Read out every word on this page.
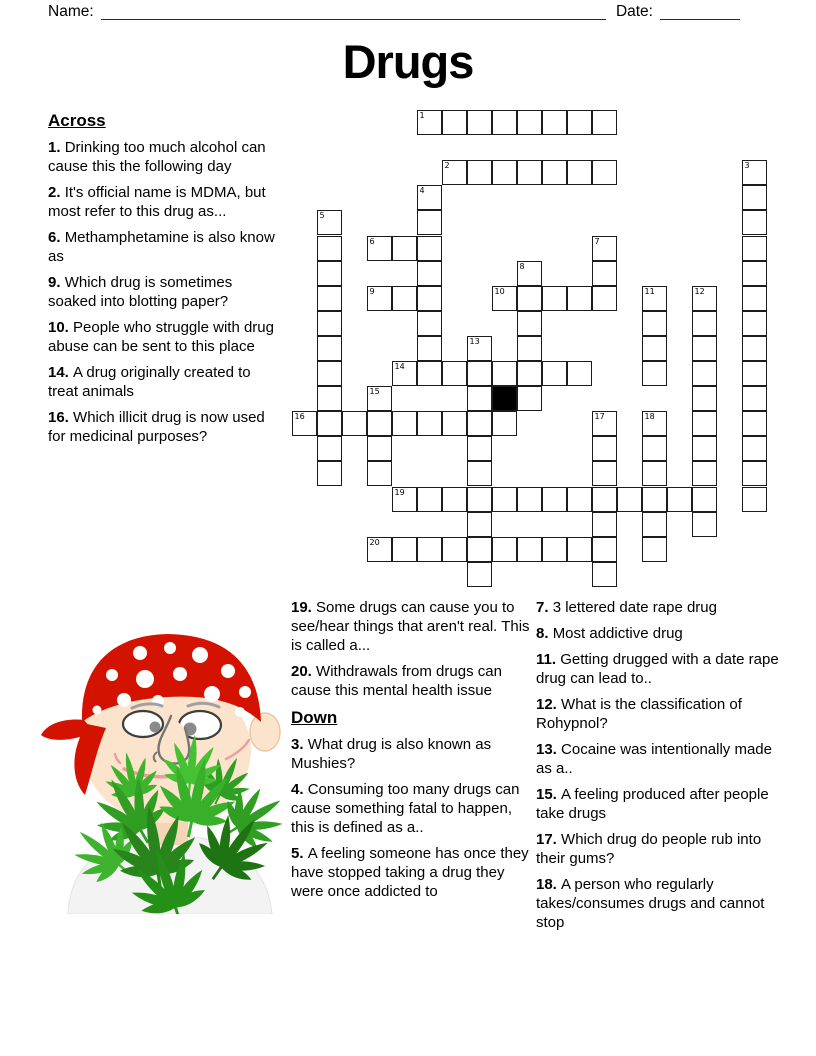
Name:	Date:
Drugs
Across

1. Drinking too much alcohol can cause this the following day

2. It's official name is MDMA, but most refer to this drug as...

6. Methamphetamine is also know as

9. Which drug is sometimes soaked into blotting paper?

10. People who struggle with drug abuse can be sent to this place

14. A drug originally created to treat animals

16. Which illicit drug is now used for medicinal purposes?

1
2
6
9	10
14
16
19
20
3
4
5
7
8
11	12
13
15
17	18

19. Some drugs can cause you to see/hear things that aren't real. This is called a...

20. Withdrawals from drugs can cause this mental health issue

Down

3. What drug is also known as Mushies?

4. Consuming too many drugs can cause something fatal to happen, this is defined as a..

5. A feeling someone has once they have stopped taking a drug they were once addicted to

7. 3 lettered date rape drug

8. Most addictive drug

11. Getting drugged with a date rape drug can lead to..

12. What is the classification of Rohypnol?

13. Cocaine was intentionally made as a..

15. A feeling produced after people take drugs

17. Which drug do people rub into their gums?

18. A person who regularly takes/consumes drugs and cannot stop
